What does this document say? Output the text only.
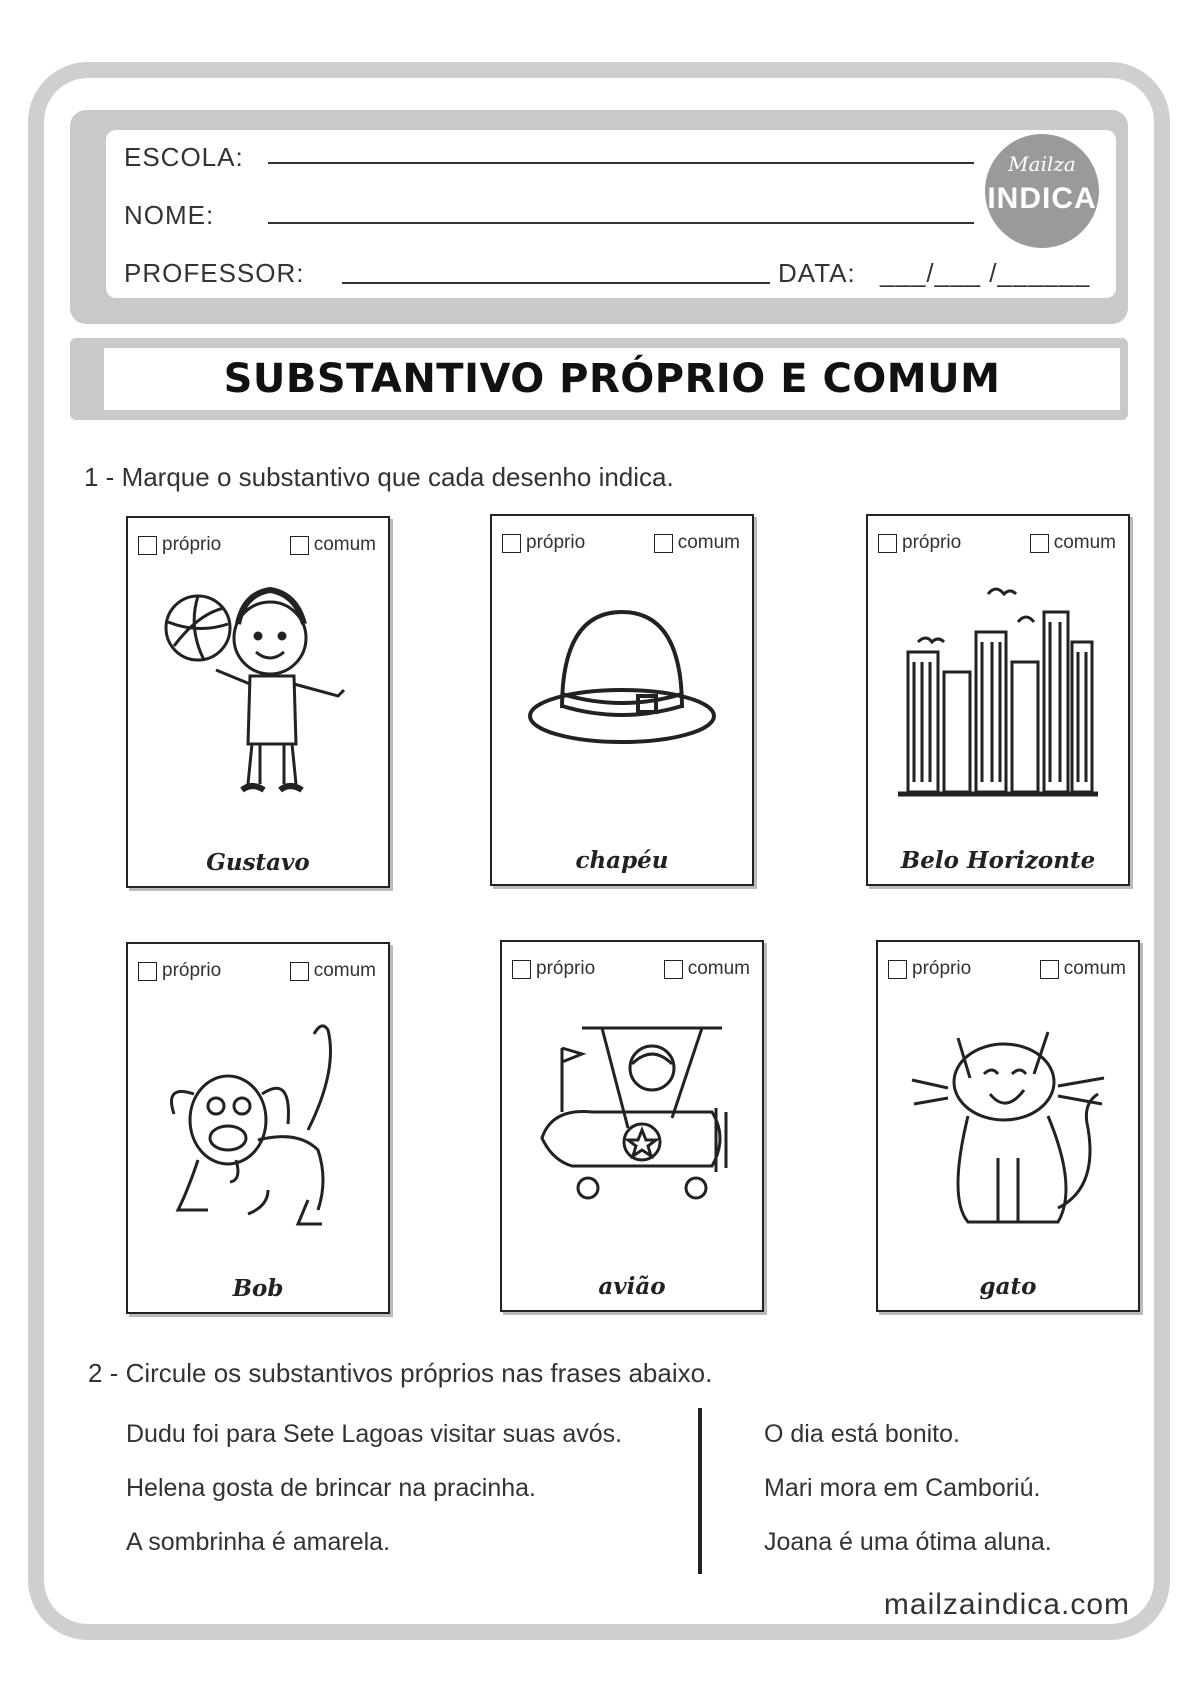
ESCOLA:
NOME:
PROFESSOR:	DATA: ___/___ /______
Mailza
INDICA
SUBSTANTIVO PRÓPRIO E COMUM
1 - Marque o substantivo que cada desenho indica.
próprio	comum
Gustavo
próprio	comum
chapéu
próprio	comum
Belo Horizonte
próprio	comum
Bob
próprio	comum
avião
próprio	comum
gato
2 - Circule os substantivos próprios nas frases abaixo.
Dudu foi para Sete Lagoas visitar suas avós.
Helena gosta de brincar na pracinha.
A sombrinha é amarela.
O dia está bonito.
Mari mora em Camboriú.
Joana é uma ótima aluna.
mailzaindica.com
